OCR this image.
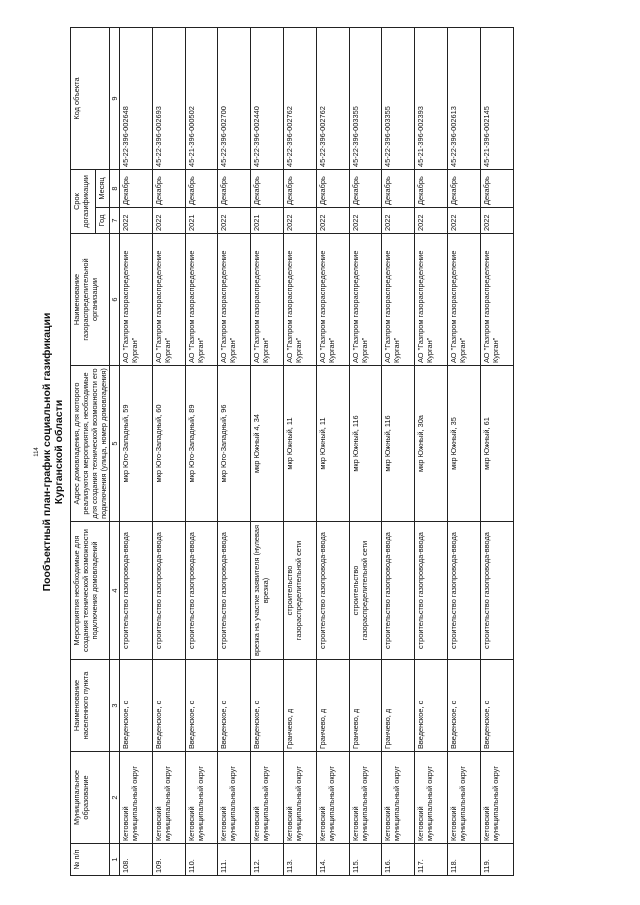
114 Пообъектный план-график социальной газификации Курганской области
№ п/п	Муниципальное образование	Наименование населенного пункта	Мероприятия необходимые для создания технической возможности подключения домовладений	Адрес домовладения, для которого реализуются мероприятия, необходимые для создания технической возможности его подключения (улица, номер домовладения)	Наименование газораспределительной организации	Срок догазификации		Код объекта
						Год	Месяц	
1	2	3	4	5	6	7	8	9
108.	Кетовский муниципальный округ	Введенское, с	строительство газопровода-ввода	мкр Юго-Западный, 59	АО "Газпром газораспределение Курган"	2022	Декабрь	45-22-396-002648
109.	Кетовский муниципальный округ	Введенское, с	строительство газопровода-ввода	мкр Юго-Западный, 60	АО "Газпром газораспределение Курган"	2022	Декабрь	45-22-396-002693
110.	Кетовский муниципальный округ	Введенское, с	строительство газопровода-ввода	мкр Юго-Западный, 89	АО "Газпром газораспределение Курган"	2021	Декабрь	45-21-396-000502
111.	Кетовский муниципальный округ	Введенское, с	строительство газопровода-ввода	мкр Юго-Западный, 96	АО "Газпром газораспределение Курган"	2022	Декабрь	45-22-396-002700
112.	Кетовский муниципальный округ	Введенское, с	врезка на участке заявителя (нулевая врезка)	мкр Южный 4, 34	АО "Газпром газораспределение Курган"	2021	Декабрь	45-22-396-002440
113.	Кетовский муниципальный округ	Гранчево, д	строительство газораспределительной сети	мкр Южный, 11	АО "Газпром газораспределение Курган"	2022	Декабрь	45-22-396-002762
114.	Кетовский муниципальный округ	Гранчево, д	строительство газопровода-ввода	мкр Южный, 11	АО "Газпром газораспределение Курган"	2022	Декабрь	45-22-396-002762
115.	Кетовский муниципальный округ	Гранчево, д	строительство газораспределительной сети	мкр Южный, 116	АО "Газпром газораспределение Курган"	2022	Декабрь	45-22-396-003355
116.	Кетовский муниципальный округ	Гранчево, д	строительство газопровода-ввода	мкр Южный, 116	АО "Газпром газораспределение Курган"	2022	Декабрь	45-22-396-003355
117.	Кетовский муниципальный округ	Введенское, с	строительство газопровода-ввода	мкр Южный, 30а	АО "Газпром газораспределение Курган"	2022	Декабрь	45-21-396-002393
118.	Кетовский муниципальный округ	Введенское, с	строительство газопровода-ввода	мкр Южный, 35	АО "Газпром газораспределение Курган"	2022	Декабрь	45-22-396-002613
119.	Кетовский муниципальный округ	Введенское, с	строительство газопровода-ввода	мкр Южный, 61	АО "Газпром газораспределение Курган"	2022	Декабрь	45-21-396-002145
